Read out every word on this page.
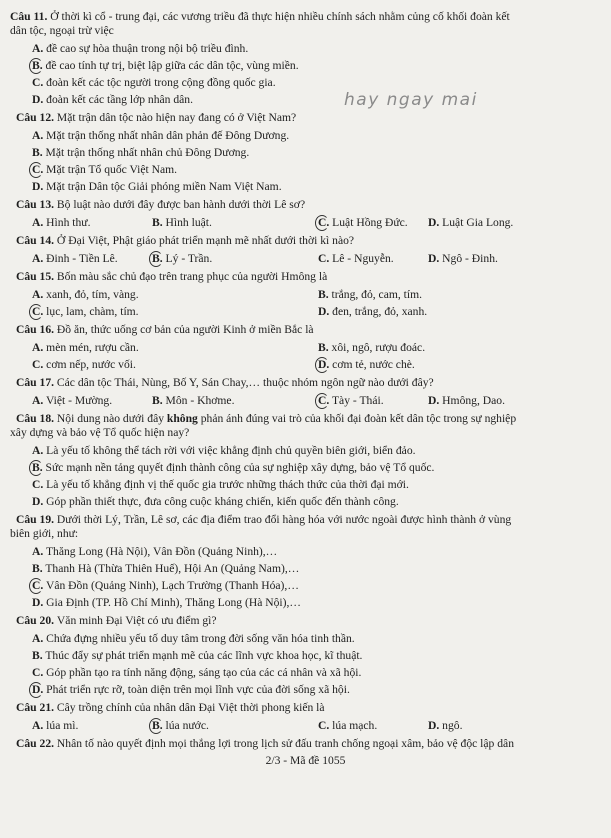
hay ngay mai
Câu 11. Ở thời kì cổ - trung đại, các vương triều đã thực hiện nhiều chính sách nhằm củng cố khối đoàn kết
dân tộc, ngoại trừ việc
A. đề cao sự hòa thuận trong nội bộ triều đình.
B. đề cao tính tự trị, biệt lập giữa các dân tộc, vùng miền.
C. đoàn kết các tộc người trong cộng đồng quốc gia.
D. đoàn kết các tầng lớp nhân dân.
Câu 12. Mặt trận dân tộc nào hiện nay đang có ở Việt Nam?
A. Mặt trận thống nhất nhân dân phản đế Đông Dương.
B. Mặt trận thống nhất nhân chủ Đông Dương.
C. Mặt trận Tổ quốc Việt Nam.
D. Mặt trận Dân tộc Giải phóng miền Nam Việt Nam.
Câu 13. Bộ luật nào dưới đây được ban hành dưới thời Lê sơ?
A. Hình thư.	B. Hình luật.	C. Luật Hồng Đức. D. Luật Gia Long.
Câu 14. Ở Đại Việt, Phật giáo phát triển mạnh mẽ nhất dưới thời kì nào?
A. Đinh - Tiền Lê.	B. Lý - Trần.	C. Lê - Nguyễn.	D. Ngô - Đinh.
Câu 15. Bốn màu sắc chủ đạo trên trang phục của người Hmông là
A. xanh, đỏ, tím, vàng.	B. trắng, đỏ, cam, tím.
C. lục, lam, chàm, tím.	D. đen, trắng, đỏ, xanh.
Câu 16. Đồ ăn, thức uống cơ bản của người Kinh ở miền Bắc là
A. mèn mén, rượu cần.	B. xôi, ngô, rượu đoác.
C. cơm nếp, nước vối.	D. cơm tẻ, nước chè.
Câu 17. Các dân tộc Thái, Nùng, Bố Y, Sán Chay,… thuộc nhóm ngôn ngữ nào dưới đây?
A. Việt - Mường.	B. Môn - Khơme.	C. Tày - Thái.	D. Hmông, Dao.
Câu 18. Nội dung nào dưới đây không phản ánh đúng vai trò của khối đại đoàn kết dân tộc trong sự nghiệp
xây dựng và bảo vệ Tổ quốc hiện nay?
A. Là yếu tố không thể tách rời với việc khẳng định chủ quyền biên giới, biển đảo.
B. Sức mạnh nền tảng quyết định thành công của sự nghiệp xây dựng, bảo vệ Tổ quốc.
C. Là yếu tố khẳng định vị thế quốc gia trước những thách thức của thời đại mới.
D. Góp phần thiết thực, đưa công cuộc kháng chiến, kiến quốc đến thành công.
Câu 19. Dưới thời Lý, Trần, Lê sơ, các địa điểm trao đổi hàng hóa với nước ngoài được hình thành ở vùng
biên giới, như:
A. Thăng Long (Hà Nội), Vân Đồn (Quảng Ninh),…
B. Thanh Hà (Thừa Thiên Huế), Hội An (Quảng Nam),…
C. Vân Đồn (Quảng Ninh), Lạch Trường (Thanh Hóa),…
D. Gia Định (TP. Hồ Chí Minh), Thăng Long (Hà Nội),…
Câu 20. Văn minh Đại Việt có ưu điểm gì?
A. Chứa đựng nhiều yếu tố duy tâm trong đời sống văn hóa tinh thần.
B. Thúc đẩy sự phát triển mạnh mẽ của các lĩnh vực khoa học, kĩ thuật.
C. Góp phần tạo ra tính năng động, sáng tạo của các cá nhân và xã hội.
D. Phát triển rực rỡ, toàn diện trên mọi lĩnh vực của đời sống xã hội.
Câu 21. Cây trồng chính của nhân dân Đại Việt thời phong kiến là
A. lúa mì.	B. lúa nước.	C. lúa mạch.	D. ngô.
Câu 22. Nhân tố nào quyết định mọi thắng lợi trong lịch sử đấu tranh chống ngoại xâm, bảo vệ độc lập dân
2/3 - Mã đề 1055
